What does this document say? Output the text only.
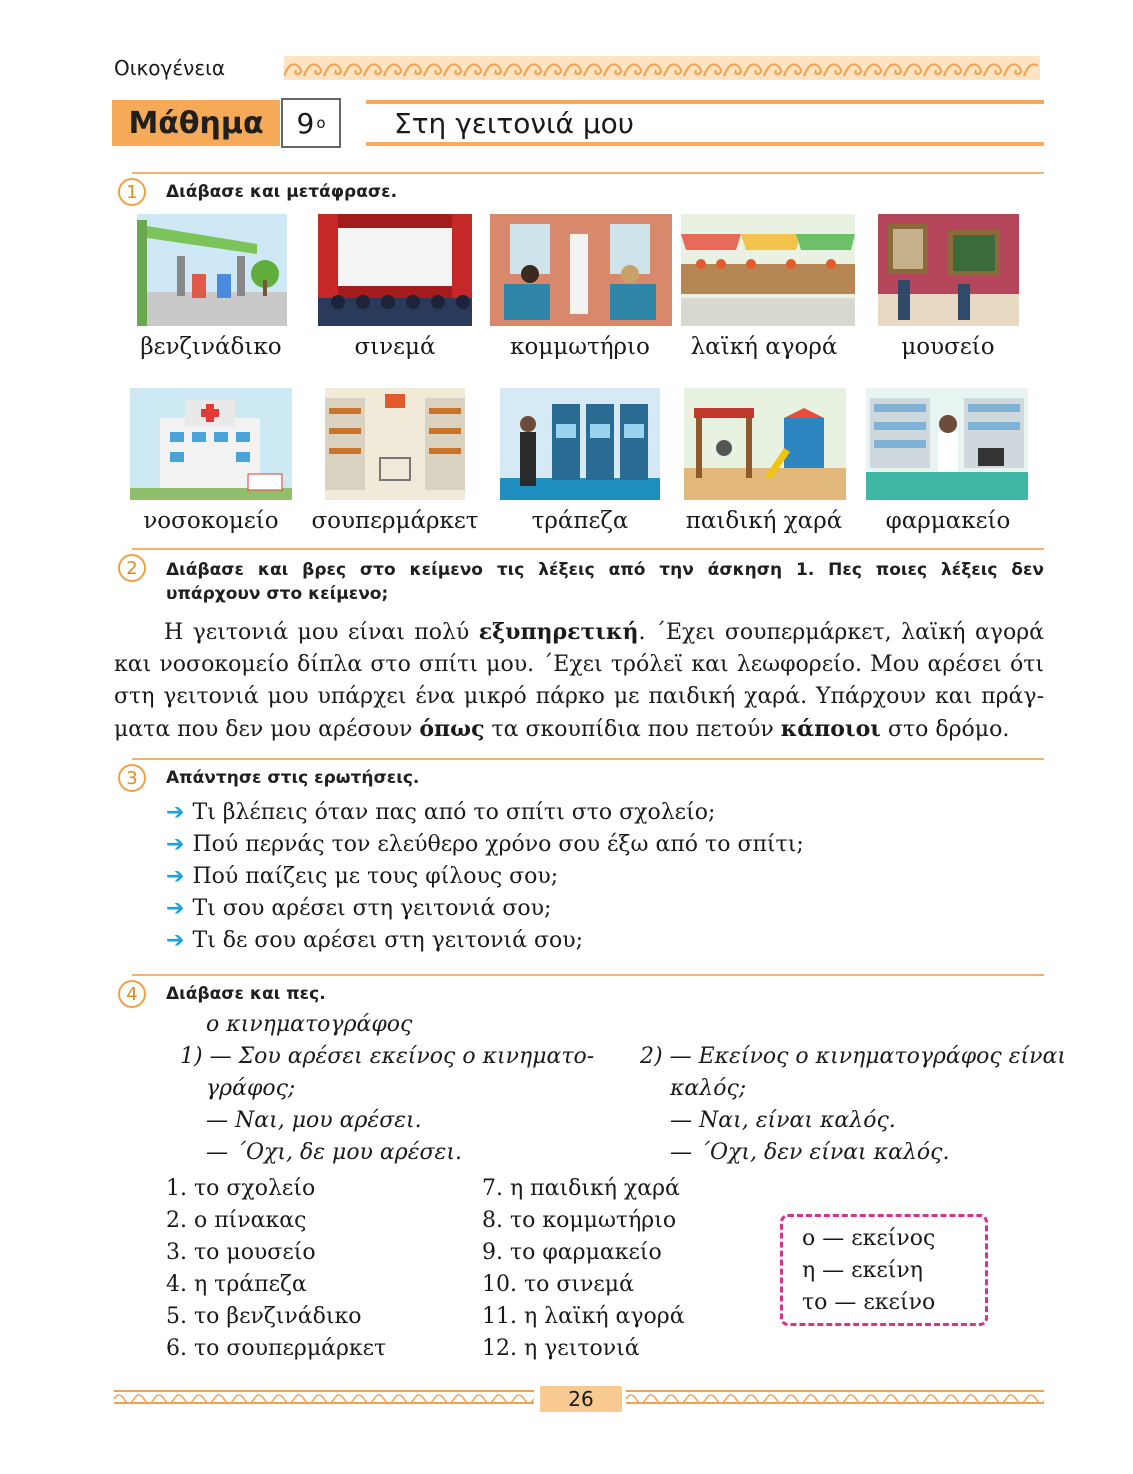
Οικογένεια
Μάθημα	9 ο	Στη γειτονιά μου
1	Διάβασε και μετάφρασε.
βενζινάδικο	σινεμά	κομμωτήριο	λαϊκή αγορά	μουσείο
νοσοκομείο	σουπερμάρκετ	τράπεζα	παιδική χαρά	φαρμακείο
2	Διάβασε και βρες στο κείμενο τις λέξεις από την άσκηση 1. Πες ποιες λέξεις δεν
υπάρχουν στο κείμενο;
Η γειτονιά μου είναι πολύ εξυπηρετική. ΄Εχει σουπερμάρκετ, λαϊκή αγορά
και νοσοκομείο δίπλα στο σπίτι μου. ΄Εχει τρόλεϊ και λεωφορείο. Μου αρέσει ότι
στη γειτονιά μου υπάρχει ένα μικρό πάρκο με παιδική χαρά. Υπάρχουν και πράγ-
ματα που δεν μου αρέσουν όπως τα σκουπίδια που πετούν κάποιοι στο δρόμο.
3	Απάντησε στις ερωτήσεις.
➔ Τι βλέπεις όταν πας από το σπίτι στο σχολείο;
➔ Πού περνάς τον ελεύθερο χρόνο σου έξω από το σπίτι;
➔ Πού παίζεις με τους φίλους σου;
➔ Τι σου αρέσει στη γειτονιά σου;
➔ Τι δε σου αρέσει στη γειτονιά σου;
4	Διάβασε και πες.
ο κινηματογράφος
1) — Σου αρέσει εκείνος ο κινηματο-
γράφος;
— Ναι, μου αρέσει.
— ΄Οχι, δε μου αρέσει.
2) — Εκείνος ο κινηματογράφος είναι
καλός;
— Ναι, είναι καλός.
— ΄Οχι, δεν είναι καλός.
1. το σχολείο
2. ο πίνακας
3. το μουσείο
4. η τράπεζα
5. το βενζινάδικο
6. το σουπερμάρκετ
7. η παιδική χαρά
8. το κομμωτήριο
9. το φαρμακείο
10. το σινεμά
11. η λαϊκή αγορά
12. η γειτονιά
ο — εκείνος
η — εκείνη
το — εκείνο
26
